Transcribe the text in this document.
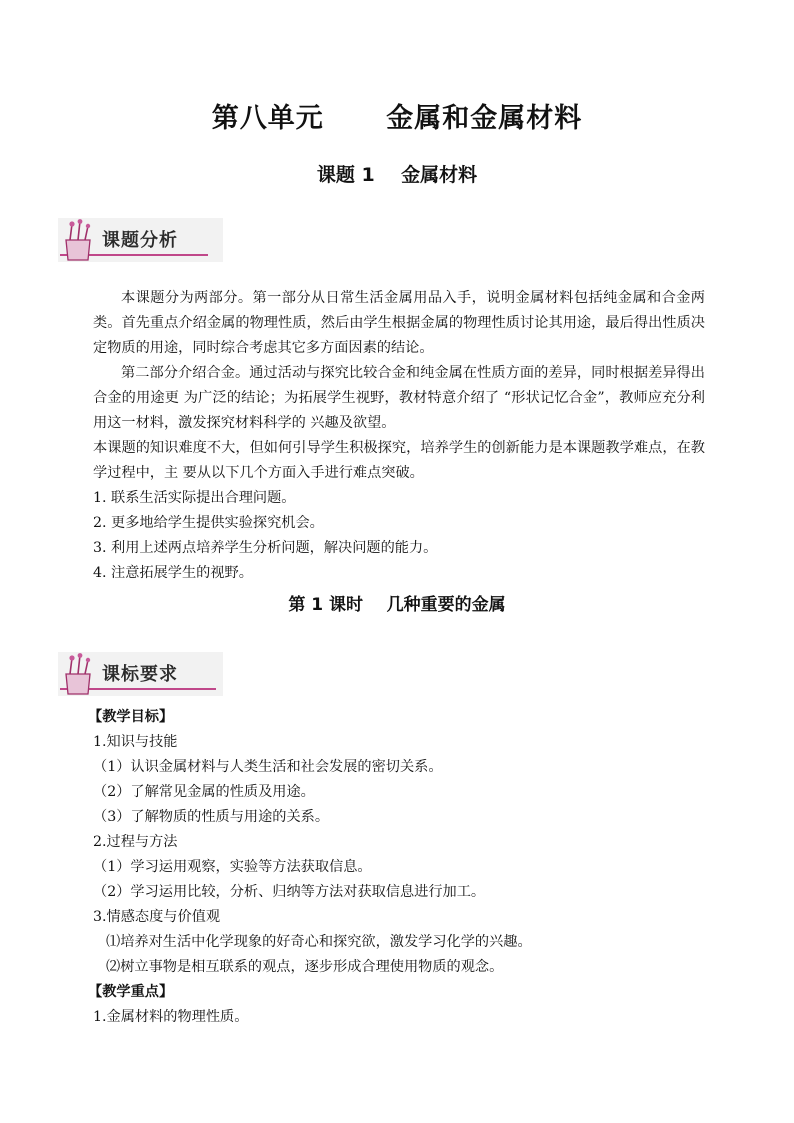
第八单元      金属和金属材料
课题 1    金属材料
课题分析

本课题分为两部分。第一部分从日常生活金属用品入手，说明金属材料包括纯金属和合金两类。首先重点介绍金属的物理性质，然后由学生根据金属的物理性质讨论其用途，最后得出性质决定物质的用途，同时综合考虑其它多方面因素的结论。

第二部分介绍合金。通过活动与探究比较合金和纯金属在性质方面的差异，同时根据差异得出合金的用途更 为广泛的结论；为拓展学生视野，教材特意介绍了 “形状记忆合金”，教师应充分利用这一材料，激发探究材料科学的 兴趣及欲望。

本课题的知识难度不大，但如何引导学生积极探究，培养学生的创新能力是本课题教学难点，在教学过程中，主 要从以下几个方面入手进行难点突破。

1. 联系生活实际提出合理问题。
2. 更多地给学生提供实验探究机会。
3. 利用上述两点培养学生分析问题，解决问题的能力。
4. 注意拓展学生的视野。
第 1 课时    几种重要的金属
课标要求
【教学目标】
1.知识与技能
（1）认识金属材料与人类生活和社会发展的密切关系。
（2）了解常见金属的性质及用途。
（3）了解物质的性质与用途的关系。
2.过程与方法
（1）学习运用观察，实验等方法获取信息。
（2）学习运用比较，分析、归纳等方法对获取信息进行加工。
3.情感态度与价值观
⑴培养对生活中化学现象的好奇心和探究欲，激发学习化学的兴趣。
⑵树立事物是相互联系的观点，逐步形成合理使用物质的观念。
【教学重点】
1.金属材料的物理性质。
